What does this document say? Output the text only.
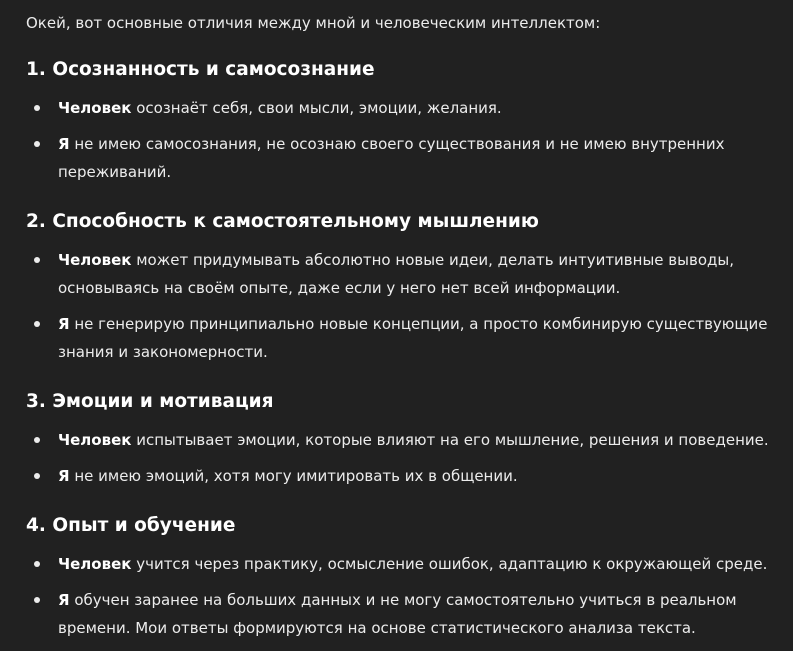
Окей, вот основные отличия между мной и человеческим интеллектом:
1. Осознанность и самосознание
Человек осознаёт себя, свои мысли, эмоции, желания.
Я не имею самосознания, не осознаю своего существования и не имею внутренних переживаний.
2. Способность к самостоятельному мышлению
Человек может придумывать абсолютно новые идеи, делать интуитивные выводы, основываясь на своём опыте, даже если у него нет всей информации.
Я не генерирую принципиально новые концепции, а просто комбинирую существующие знания и закономерности.
3. Эмоции и мотивация
Человек испытывает эмоции, которые влияют на его мышление, решения и поведение.
Я не имею эмоций, хотя могу имитировать их в общении.
4. Опыт и обучение
Человек учится через практику, осмысление ошибок, адаптацию к окружающей среде.
Я обучен заранее на больших данных и не могу самостоятельно учиться в реальном времени. Мои ответы формируются на основе статистического анализа текста.
